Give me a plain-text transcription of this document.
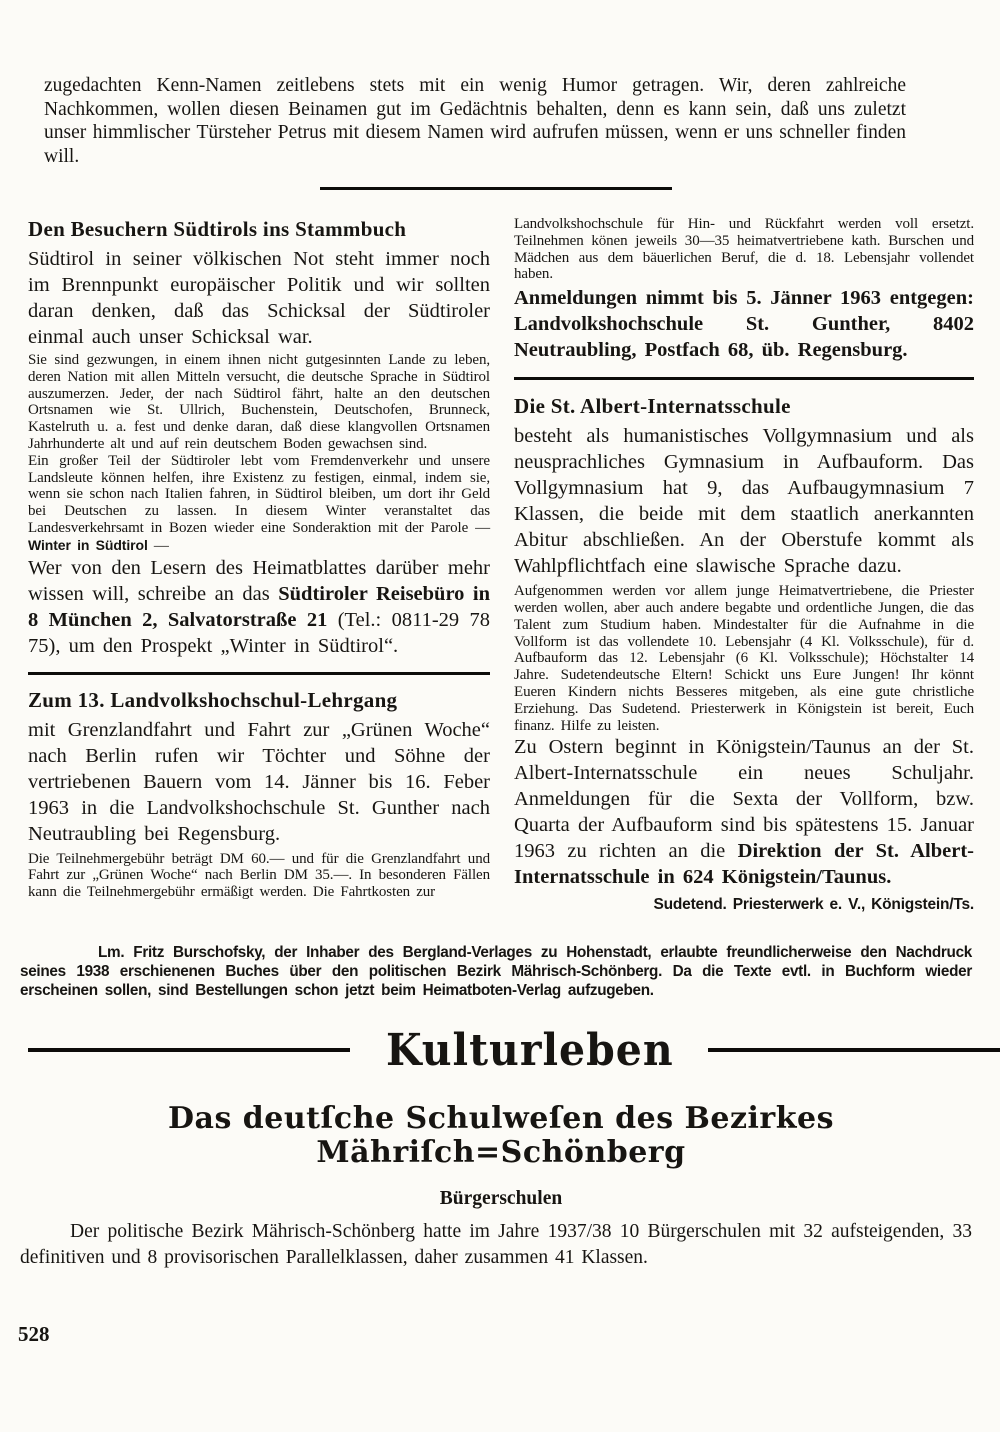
zugedachten Kenn-Namen zeitlebens stets mit ein wenig Humor getragen. Wir, deren zahlreiche Nachkommen, wollen diesen Beinamen gut im Gedächtnis behalten, denn es kann sein, daß uns zuletzt unser himmlischer Türsteher Petrus mit diesem Namen wird aufrufen müssen, wenn er uns schneller finden will.

Den Besuchern Südtirols ins Stammbuch

Südtirol in seiner völkischen Not steht immer noch im Brennpunkt europäischer Politik und wir sollten daran denken, daß das Schicksal der Südtiroler einmal auch unser Schicksal war.

Sie sind gezwungen, in einem ihnen nicht gutgesinnten Lande zu leben, deren Nation mit allen Mitteln versucht, die deutsche Sprache in Südtirol auszumerzen. Jeder, der nach Südtirol fährt, halte an den deutschen Ortsnamen wie St. Ullrich, Buchenstein, Deutschofen, Brunneck, Kastelruth u. a. fest und denke daran, daß diese klangvollen Ortsnamen Jahrhunderte alt und auf rein deutschem Boden gewachsen sind.

Ein großer Teil der Südtiroler lebt vom Fremdenverkehr und unsere Landsleute können helfen, ihre Existenz zu festigen, einmal, indem sie, wenn sie schon nach Italien fahren, in Südtirol bleiben, um dort ihr Geld bei Deutschen zu lassen. In diesem Winter veranstaltet das Landesverkehrsamt in Bozen wieder eine Sonderaktion mit der Parole — Winter in Südtirol —

Wer von den Lesern des Heimatblattes darüber mehr wissen will, schreibe an das Südtiroler Reisebüro in 8 München 2, Salvatorstraße 21 (Tel.: 0811-29 78 75), um den Prospekt „Winter in Südtirol“.

Zum 13. Landvolkshochschul-Lehrgang

mit Grenzlandfahrt und Fahrt zur „Grünen Woche“ nach Berlin rufen wir Töchter und Söhne der vertriebenen Bauern vom 14. Jänner bis 16. Feber 1963 in die Landvolkshochschule St. Gunther nach Neutraubling bei Regensburg.

Die Teilnehmergebühr beträgt DM 60.— und für die Grenzlandfahrt und Fahrt zur „Grünen Woche“ nach Berlin DM 35.—. In besonderen Fällen kann die Teilnehmergebühr ermäßigt werden. Die Fahrtkosten zur

Landvolkshochschule für Hin- und Rückfahrt werden voll ersetzt. Teilnehmen könen jeweils 30—35 heimatvertriebene kath. Burschen und Mädchen aus dem bäuerlichen Beruf, die d. 18. Lebensjahr vollendet haben.

Anmeldungen nimmt bis 5. Jänner 1963 entgegen: Landvolkshochschule St. Gunther, 8402 Neutraubling, Postfach 68, üb. Regensburg.

Die St. Albert-Internatsschule

besteht als humanistisches Vollgymnasium und als neusprachliches Gymnasium in Aufbauform. Das Vollgymnasium hat 9, das Aufbaugymnasium 7 Klassen, die beide mit dem staatlich anerkannten Abitur abschließen. An der Oberstufe kommt als Wahlpflichtfach eine slawische Sprache dazu.

Aufgenommen werden vor allem junge Heimatvertriebene, die Priester werden wollen, aber auch andere begabte und ordentliche Jungen, die das Talent zum Studium haben. Mindestalter für die Aufnahme in die Vollform ist das vollendete 10. Lebensjahr (4 Kl. Volksschule), für d. Aufbauform das 12. Lebensjahr (6 Kl. Volksschule); Höchstalter 14 Jahre. Sudetendeutsche Eltern! Schickt uns Eure Jungen! Ihr könnt Eueren Kindern nichts Besseres mitgeben, als eine gute christliche Erziehung. Das Sudetend. Priesterwerk in Königstein ist bereit, Euch finanz. Hilfe zu leisten.

Zu Ostern beginnt in Königstein/Taunus an der St. Albert-Internatsschule ein neues Schuljahr. Anmeldungen für die Sexta der Vollform, bzw. Quarta der Aufbauform sind bis spätestens 15. Januar 1963 zu richten an die Direktion der St. Albert-Internatsschule in 624 Königstein/Taunus.

Sudetend. Priesterwerk e. V., Königstein/Ts.

Lm. Fritz Burschofsky, der Inhaber des Bergland-Verlages zu Hohenstadt, erlaubte freundlicherweise den Nachdruck seines 1938 erschienenen Buches über den politischen Bezirk Mährisch-Schönberg. Da die Texte evtl. in Buchform wieder erscheinen sollen, sind Bestellungen schon jetzt beim Heimatboten-Verlag aufzugeben.

Kulturleben
Das deutſche Schulweſen des Bezirkes Mähriſch=Schönberg
Bürgerschulen

Der politische Bezirk Mährisch-Schönberg hatte im Jahre 1937/38 10 Bürgerschulen mit 32 aufsteigenden, 33 definitiven und 8 provisorischen Parallelklassen, daher zusammen 41 Klassen.

528
